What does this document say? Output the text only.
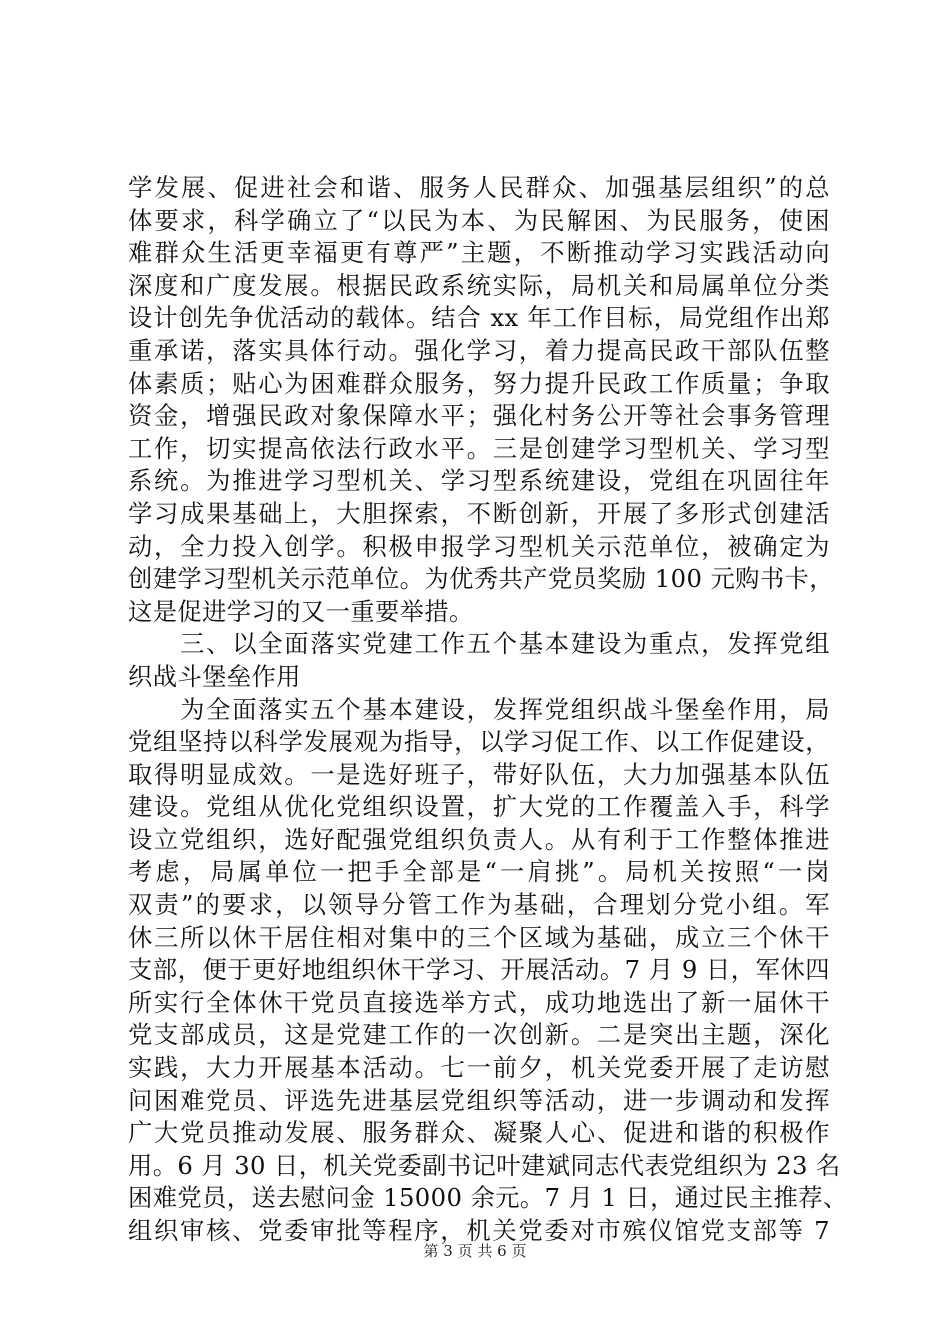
学发展、促进社会和谐、服务人民群众、加强基层组织”的总
体要求，科学确立了“以民为本、为民解困、为民服务，使困
难群众生活更幸福更有尊严”主题，不断推动学习实践活动向
深度和广度发展。根据民政系统实际，局机关和局属单位分类
设计创先争优活动的载体。结合 xx 年工作目标，局党组作出郑
重承诺，落实具体行动。强化学习，着力提高民政干部队伍整
体素质；贴心为困难群众服务，努力提升民政工作质量；争取
资金，增强民政对象保障水平；强化村务公开等社会事务管理
工作，切实提高依法行政水平。三是创建学习型机关、学习型
系统。为推进学习型机关、学习型系统建设，党组在巩固往年
学习成果基础上，大胆探索，不断创新，开展了多形式创建活
动，全力投入创学。积极申报学习型机关示范单位，被确定为
创建学习型机关示范单位。为优秀共产党员奖励 100 元购书卡，
这是促进学习的又一重要举措。
　　三、以全面落实党建工作五个基本建设为重点，发挥党组
织战斗堡垒作用
　　为全面落实五个基本建设，发挥党组织战斗堡垒作用，局
党组坚持以科学发展观为指导，以学习促工作、以工作促建设，
取得明显成效。一是选好班子，带好队伍，大力加强基本队伍
建设。党组从优化党组织设置，扩大党的工作覆盖入手，科学
设立党组织，选好配强党组织负责人。从有利于工作整体推进
考虑，局属单位一把手全部是“一肩挑”。局机关按照“一岗
双责”的要求，以领导分管工作为基础，合理划分党小组。军
休三所以休干居住相对集中的三个区域为基础，成立三个休干
支部，便于更好地组织休干学习、开展活动。7 月 9 日，军休四
所实行全体休干党员直接选举方式，成功地选出了新一届休干
党支部成员，这是党建工作的一次创新。二是突出主题，深化
实践，大力开展基本活动。七一前夕，机关党委开展了走访慰
问困难党员、评选先进基层党组织等活动，进一步调动和发挥
广大党员推动发展、服务群众、凝聚人心、促进和谐的积极作
用。6 月 30 日，机关党委副书记叶建斌同志代表党组织为 23 名
困难党员，送去慰问金 15000 余元。7 月 1 日，通过民主推荐、
组织审核、党委审批等程序，机关党委对市殡仪馆党支部等 7
第 3 页 共 6 页
